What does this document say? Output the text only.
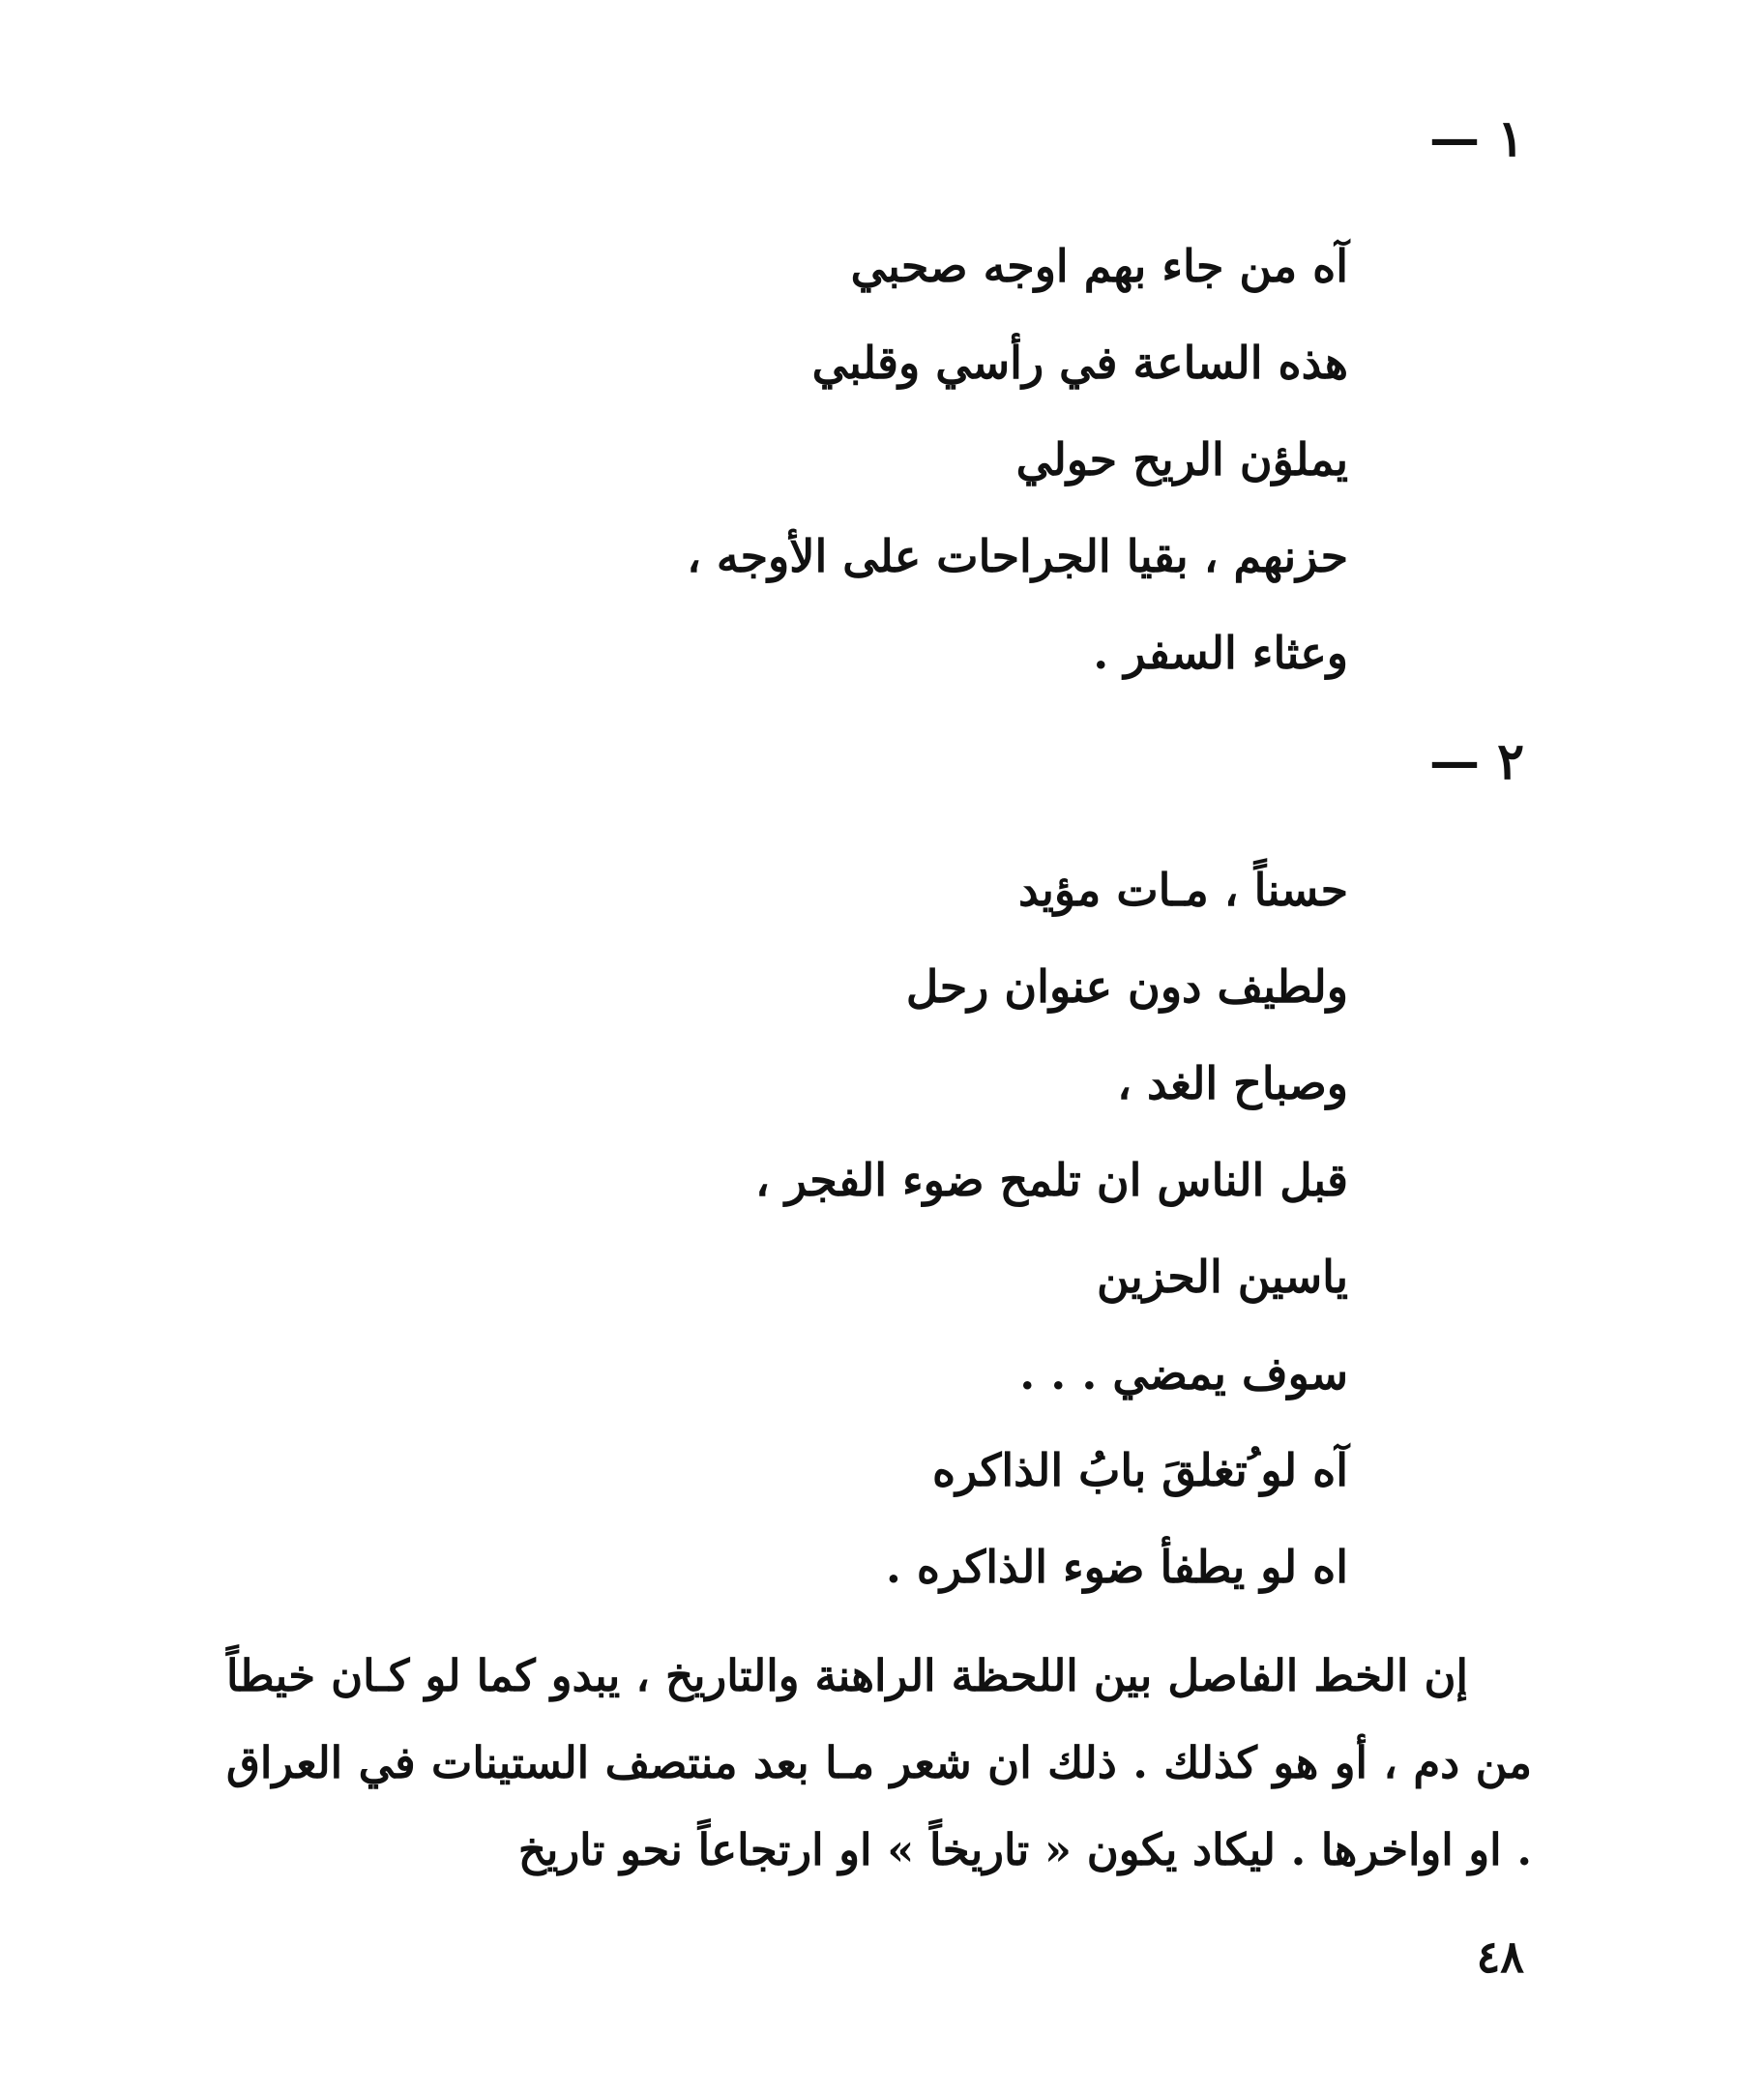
١ —
آه من جاء بهم اوجه صحبي
هذه الساعة في رأسي وقلبي
يملؤن الريح حولي
حزنهم ، بقيا الجراحات على الأوجه ،
وعثاء السفر .
٢ —
حسناً ، مـات مؤيد
ولطيف دون عنوان رحل
وصباح الغد ،
قبل الناس ان تلمح ضوء الفجر ،
ياسين الحزين
سوف يمضي . . .
آه لو ُتغلقَ بابُ الذاكره
اه لو يطفأ ضوء الذاكره .

إن الخط الفاصل بين اللحظة الراهنة والتاريخ ، يبدو كما لو كـان خيطاً من دم ، أو هو كذلك . ذلك ان شعر مـا بعد منتصف الستينات في العراق . او اواخرها . ليكاد يكون « تاريخاً » او ارتجاعاً نحو تاريخ

٤٨
